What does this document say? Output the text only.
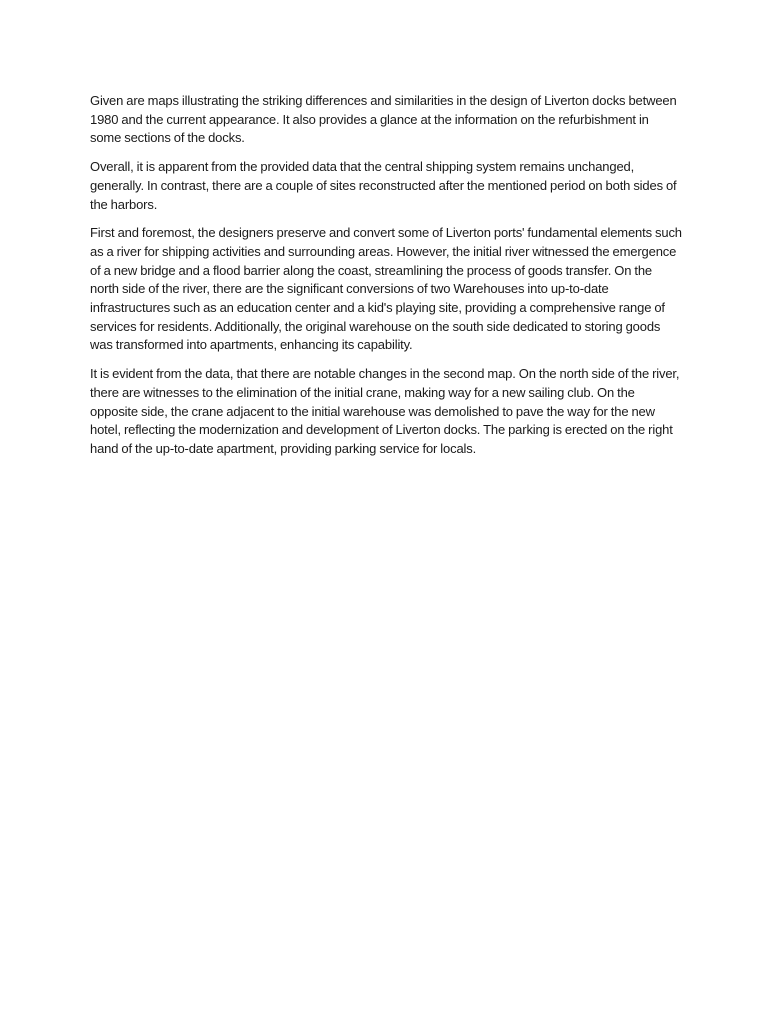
Given are maps illustrating the striking differences and similarities in the design of Liverton docks between 1980 and the current appearance. It also provides a glance at the information on the refurbishment in some sections of the docks.

Overall, it is apparent from the provided data that the central shipping system remains unchanged, generally. In contrast, there are a couple of sites reconstructed after the mentioned period on both sides of the harbors.

First and foremost, the designers preserve and convert some of Liverton ports' fundamental elements such as a river for shipping activities and surrounding areas. However, the initial river witnessed the emergence of a new bridge and a flood barrier along the coast, streamlining the process of goods transfer. On the north side of the river, there are the significant conversions of two Warehouses into up-to-date infrastructures such as an education center and a kid's playing site, providing a comprehensive range of services for residents. Additionally, the original warehouse on the south side dedicated to storing goods was transformed into apartments, enhancing its capability.

It is evident from the data, that there are notable changes in the second map. On the north side of the river, there are witnesses to the elimination of the initial crane, making way for a new sailing club. On the opposite side, the crane adjacent to the initial warehouse was demolished to pave the way for the new hotel, reflecting the modernization and development of Liverton docks. The parking is erected on the right hand of the up-to-date apartment, providing parking service for locals.
